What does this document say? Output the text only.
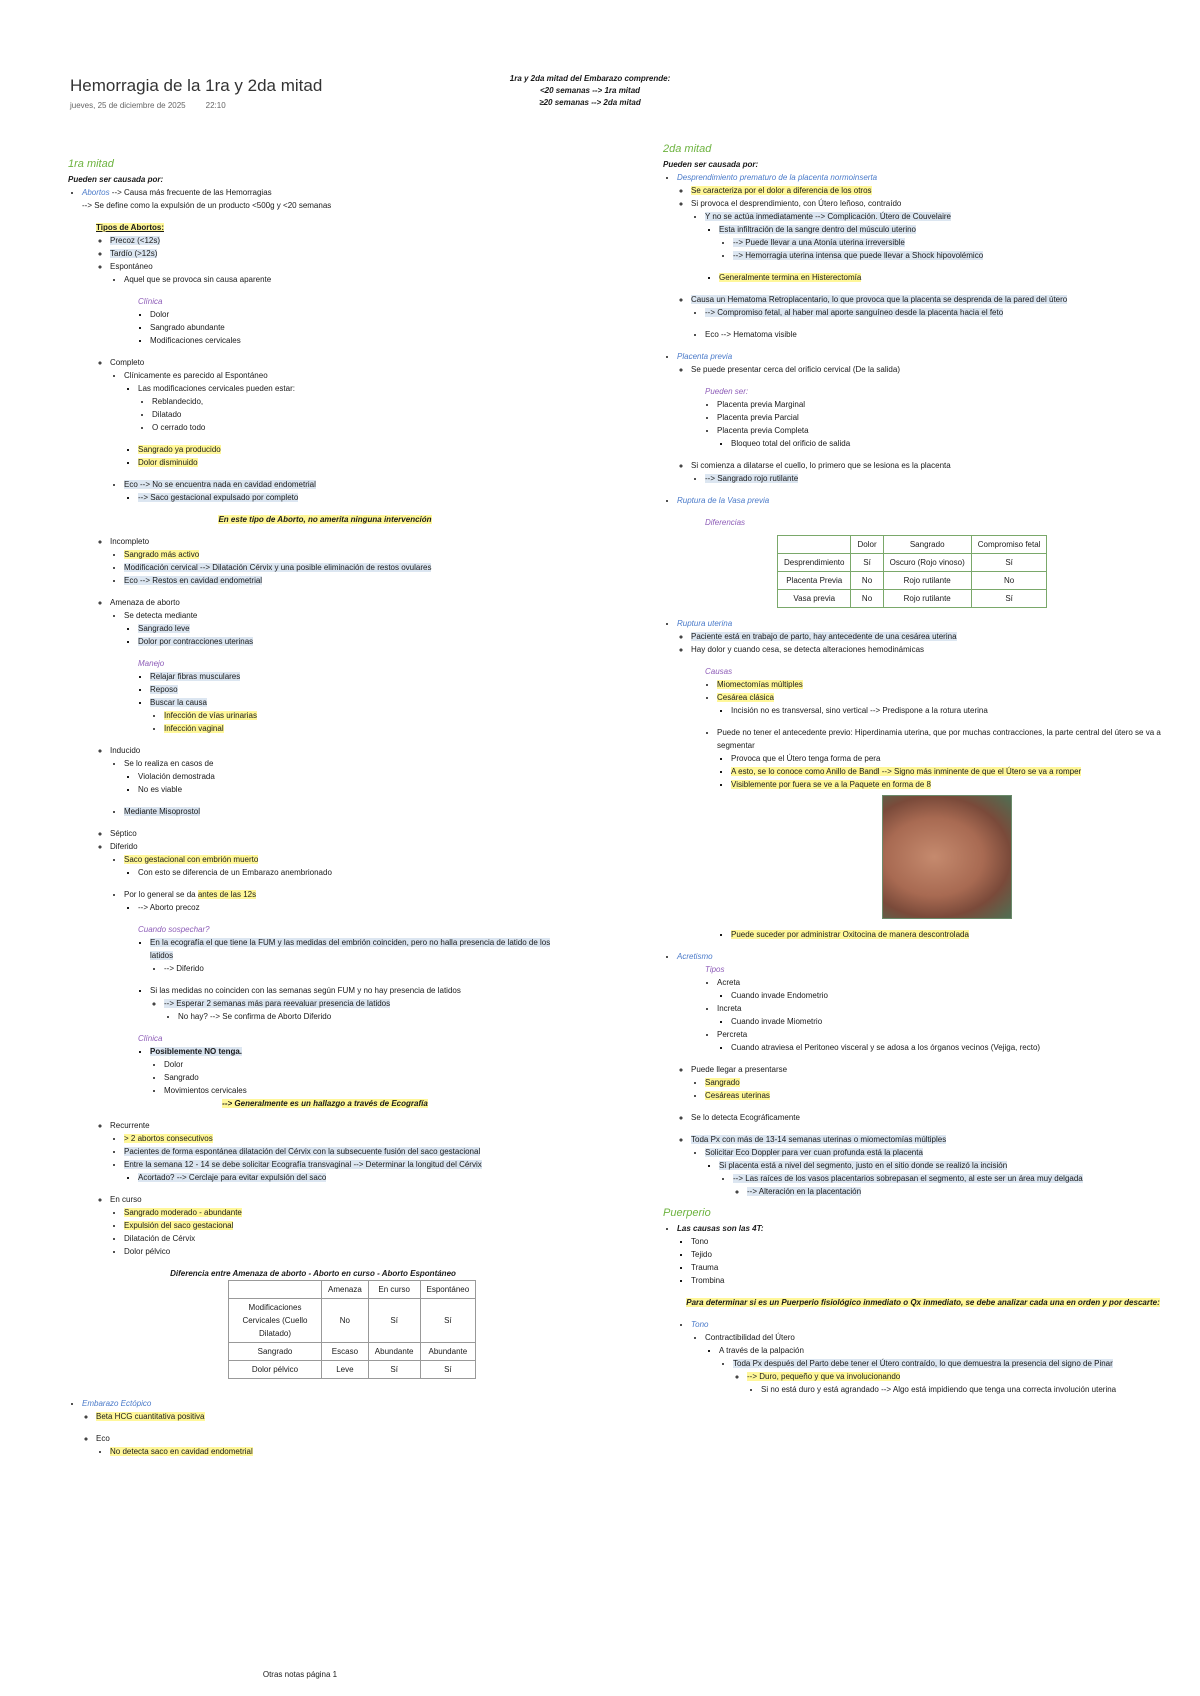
Hemorragia de la 1ra y 2da mitad
jueves, 25 de diciembre de 2025	22:10
1ra y 2da mitad del Embarazo comprende:
<20 semanas --> 1ra mitad
≥20 semanas --> 2da mitad
1ra mitad
Pueden ser causada por:
• Abortos --> Causa más frecuente de las Hemorragias
--> Se define como la expulsión de un producto <500g y <20 semanas
Tipos de Abortos:
◦ Precoz (<12s)
◦ Tardío (>12s)
◦ Espontáneo
• Aquel que se provoca sin causa aparente
Clínica
▪ Dolor
▪ Sangrado abundante
▪ Modificaciones cervicales
◦ Completo
• Clínicamente es parecido al Espontáneo
▪ Las modificaciones cervicales pueden estar:
• Reblandecido,
• Dilatado
• O cerrado todo
▪ Sangrado ya producido
▪ Dolor disminuido
• Eco --> No se encuentra nada en cavidad endometrial
▪ --> Saco gestacional expulsado por completo
En este tipo de Aborto, no amerita ninguna intervención
◦ Incompleto
• Sangrado más activo
• Modificación cervical --> Dilatación Cérvix y una posible eliminación de restos ovulares
• Eco --> Restos en cavidad endometrial
◦ Amenaza de aborto
• Se detecta mediante
▪ Sangrado leve
▪ Dolor por contracciones uterinas
Manejo
▪ Relajar fibras musculares
▪ Reposo
▪ Buscar la causa
• Infección de vías urinarias
• Infección vaginal
◦ Inducido
• Se lo realiza en casos de
▪ Violación demostrada
▪ No es viable
• Mediante Misoprostol
◦ Séptico
◦ Diferido
• Saco gestacional con embrión muerto
▪ Con esto se diferencia de un Embarazo anembrionado
• Por lo general se da antes de las 12s
▪ --> Aborto precoz
Cuando sospechar?
▪ En la ecografía el que tiene la FUM y las medidas del embrión coinciden, pero no halla presencia de latido de los latidos
• --> Diferido
▪ Si las medidas no coinciden con las semanas según FUM y no hay presencia de latidos
◦ --> Esperar 2 semanas más para reevaluar presencia de latidos
• No hay? --> Se confirma de Aborto Diferido
Clínica
▪ Posiblemente NO tenga.
• Dolor
• Sangrado
• Movimientos cervicales
--> Generalmente es un hallazgo a través de Ecografía
◦ Recurrente
• > 2 abortos consecutivos
• Pacientes de forma espontánea dilatación del Cérvix con la subsecuente fusión del saco gestacional
• Entre la semana 12 - 14 se debe solicitar Ecografía transvaginal --> Determinar la longitud del Cérvix
▪ Acortado? --> Cerclaje para evitar expulsión del saco
◦ En curso
• Sangrado moderado - abundante
• Expulsión del saco gestacional
• Dilatación de Cérvix
• Dolor pélvico
Diferencia entre Amenaza de aborto - Aborto en curso - Aborto Espontáneo
	Amenaza	En curso	Espontáneo
Modificaciones Cervicales (Cuello Dilatado)	No	Sí	Sí
Sangrado	Escaso	Abundante	Abundante
Dolor pélvico	Leve	Sí	Sí
• Embarazo Ectópico
◦ Beta HCG cuantitativa positiva
◦ Eco
• No detecta saco en cavidad endometrial
2da mitad
Pueden ser causada por:
• Desprendimiento prematuro de la placenta normoinserta
◦ Se caracteriza por el dolor a diferencia de los otros
◦ Si provoca el desprendimiento, con Útero leñoso, contraído
• Y no se actúa inmediatamente --> Complicación. Útero de Couvelaire
▪ Esta infiltración de la sangre dentro del músculo uterino
• --> Puede llevar a una Atonía uterina irreversible
• --> Hemorragia uterina intensa que puede llevar a Shock hipovolémico
▪ Generalmente termina en Histerectomía
◦ Causa un Hematoma Retroplacentario, lo que provoca que la placenta se desprenda de la pared del útero
• --> Compromiso fetal, al haber mal aporte sanguíneo desde la placenta hacia el feto
• Eco --> Hematoma visible
• Placenta previa
◦ Se puede presentar cerca del orificio cervical (De la salida)
Pueden ser:
• Placenta previa Marginal
• Placenta previa Parcial
• Placenta previa Completa
▪ Bloqueo total del orificio de salida
◦ Si comienza a dilatarse el cuello, lo primero que se lesiona es la placenta
• --> Sangrado rojo rutilante
• Ruptura de la Vasa previa
Diferencias
	Dolor	Sangrado	Compromiso fetal
Desprendimiento	Sí	Oscuro (Rojo vinoso)	Sí
Placenta Previa	No	Rojo rutilante	No
Vasa previa	No	Rojo rutilante	Sí
• Ruptura uterina
◦ Paciente está en trabajo de parto, hay antecedente de una cesárea uterina
◦ Hay dolor y cuando cesa, se detecta alteraciones hemodinámicas
Causas
• Miomectomías múltiples
• Cesárea clásica
▪ Incisión no es transversal, sino vertical --> Predispone a la rotura uterina
• Puede no tener el antecedente previo: Hiperdinamia uterina, que por muchas contracciones, la parte central del útero se va a segmentar
▪ Provoca que el Útero tenga forma de pera
▪ A esto, se lo conoce como Anillo de Bandl --> Signo más inminente de que el Útero se va a romper
▪ Visiblemente por fuera se ve a la Paquete en forma de 8
▪ Puede suceder por administrar Oxitocina de manera descontrolada
• Acretismo
Tipos
• Acreta
▪ Cuando invade Endometrio
• Increta
▪ Cuando invade Miometrio
• Percreta
▪ Cuando atraviesa el Peritoneo visceral y se adosa a los órganos vecinos (Vejiga, recto)
◦ Puede llegar a presentarse
• Sangrado
• Cesáreas uterinas
◦ Se lo detecta Ecográficamente
◦ Toda Px con más de 13-14 semanas uterinas o miomectomías múltiples
• Solicitar Eco Doppler para ver cuan profunda está la placenta
▪ Si placenta está a nivel del segmento, justo en el sitio donde se realizó la incisión
• --> Las raíces de los vasos placentarios sobrepasan el segmento, al este ser un área muy delgada
◦ --> Alteración en la placentación
Puerperio
• Las causas son las 4T:
▪ Tono
▪ Tejido
▪ Trauma
▪ Trombina
Para determinar si es un Puerperio fisiológico inmediato o Qx inmediato, se debe analizar cada una en orden y por descarte:
• Tono
• Contractibilidad del Útero
▪ A través de la palpación
• Toda Px después del Parto debe tener el Útero contraído, lo que demuestra la presencia del signo de Pinar
◦ --> Duro, pequeño y que va involucionando
• Si no está duro y está agrandado --> Algo está impidiendo que tenga una correcta involución uterina
Otras notas página 1
